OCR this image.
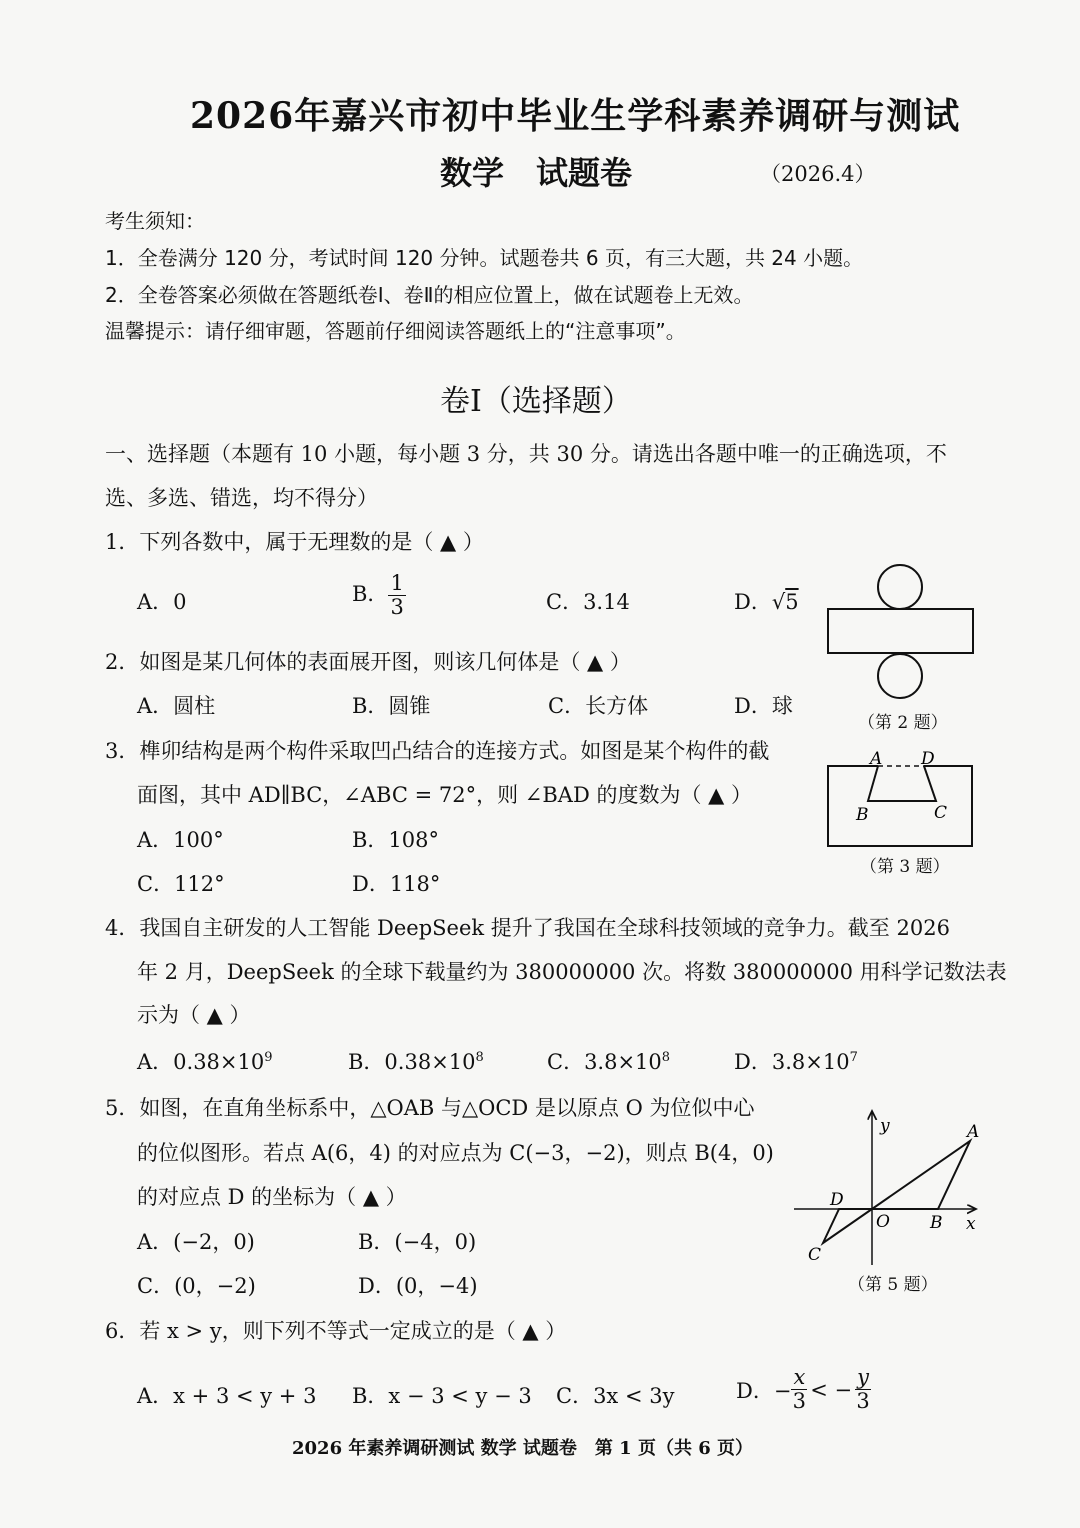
2026年嘉兴市初中毕业生学科素养调研与测试
数学　试题卷	（2026.4）
考生须知：
1．全卷满分 120 分，考试时间 120 分钟。试题卷共 6 页，有三大题，共 24 小题。
2．全卷答案必须做在答题纸卷Ⅰ、卷Ⅱ的相应位置上，做在试题卷上无效。
温馨提示：请仔细审题，答题前仔细阅读答题纸上的“注意事项”。
卷Ⅰ（选择题）
一、选择题（本题有 10 小题，每小题 3 分，共 30 分。请选出各题中唯一的正确选项，不
选、多选、错选，均不得分）
1．下列各数中，属于无理数的是（ ▲ ）
A．0	B． $\frac{1}{3}$	C．3.14	D．√5
（第 2 题）
2．如图是某几何体的表面展开图，则该几何体是（ ▲ ）
A．圆柱	B．圆锥	C．长方体	D．球
3．榫卯结构是两个构件采取凹凸结合的连接方式。如图是某个构件的截
面图，其中 AD∥BC，∠ABC = 72°，则 ∠BAD 的度数为（ ▲ ）
A．100°	B．108°
C．112°	D．118°
A D
B	C
（第 3 题）
4．我国自主研发的人工智能 DeepSeek 提升了我国在全球科技领域的竞争力。截至 2026
年 2 月，DeepSeek 的全球下载量约为 380000000 次。将数 380000000 用科学记数法表
示为（ ▲ ）
A．$0.38\times 10^9$	B．$0.38\times 10^8$	C．$3.8\times 10^8$	D．$3.8\times 10^7$
5．如图，在直角坐标系中，△OAB 与△OCD 是以原点 O 为位似中心
的位似图形。若点 A(6，4) 的对应点为 C(−3，−2)，则点 B(4，0)
的对应点 D 的坐标为（ ▲ ）
A．(−2，0)	B．(−4，0)
C．(0，−2)	D．(0，−4)
y
x
O
A
B
C
D
（第 5 题）
6．若 x > y，则下列不等式一定成立的是（ ▲ ）
A．x + 3 < y + 3 B．x − 3 < y − 3 C．3x < 3y	D．− $\frac{x}{3}$ < − $\frac{y}{3}$
2026 年素养调研测试 数学 试题卷　第 1 页（共 6 页）
